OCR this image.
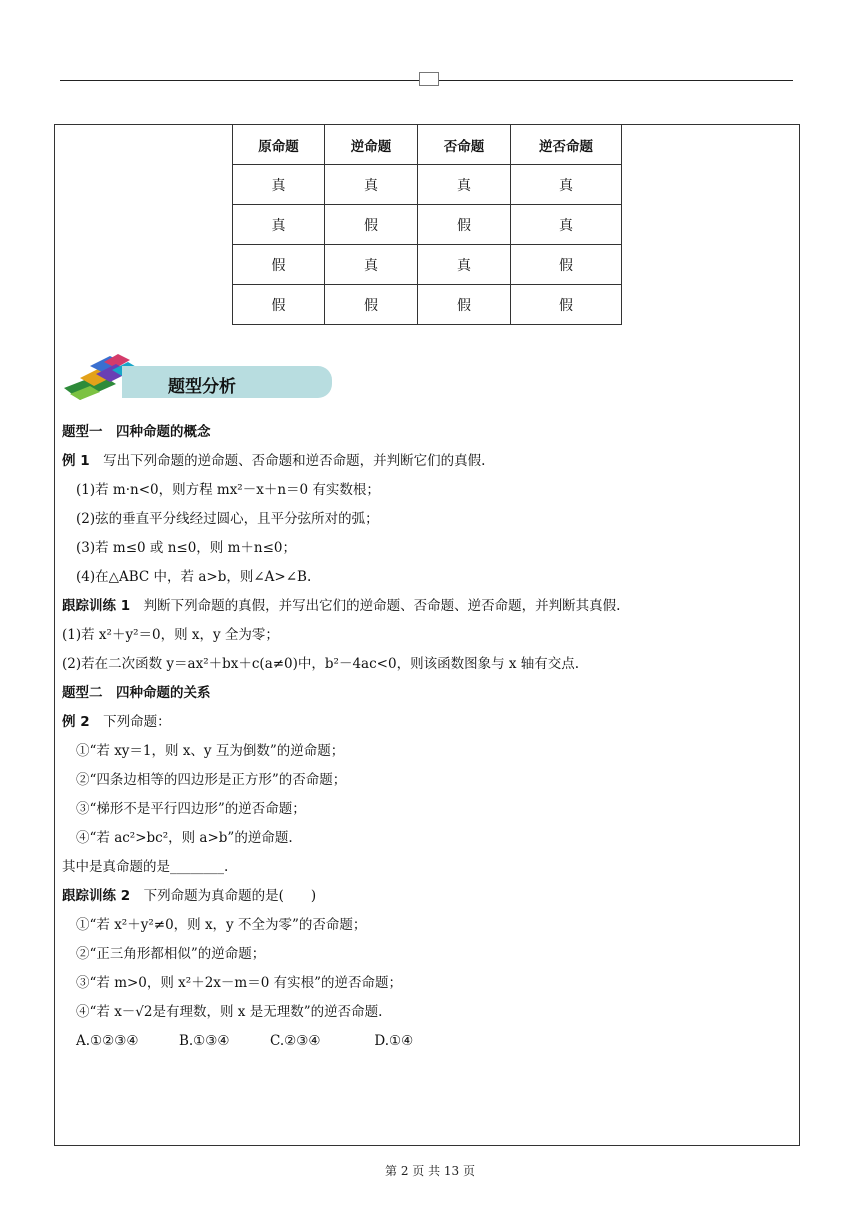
原命题	逆命题	否命题	逆否命题
真	真	真	真
真	假	假	真
假	真	真	假
假	假	假	假
题型分析
题型一　四种命题的概念
例 1　写出下列命题的逆命题、否命题和逆否命题，并判断它们的真假.
(1)若 m·n<0，则方程 mx²－x＋n＝0 有实数根；
(2)弦的垂直平分线经过圆心，且平分弦所对的弧；
(3)若 m≤0 或 n≤0，则 m＋n≤0；
(4)在△ABC 中，若 a>b，则∠A>∠B.
跟踪训练 1　判断下列命题的真假，并写出它们的逆命题、否命题、逆否命题，并判断其真假.
(1)若 x²＋y²＝0，则 x，y 全为零；
(2)若在二次函数 y＝ax²＋bx＋c(a≠0)中，b²－4ac<0，则该函数图象与 x 轴有交点.
题型二　四种命题的关系
例 2　下列命题：
①“若 xy＝1，则 x、y 互为倒数”的逆命题；
②“四条边相等的四边形是正方形”的否命题；
③“梯形不是平行四边形”的逆否命题；
④“若 ac²>bc²，则 a>b”的逆命题.
其中是真命题的是________.
跟踪训练 2　下列命题为真命题的是(　　)
①“若 x²＋y²≠0，则 x，y 不全为零”的否命题；
②“正三角形都相似”的逆命题；
③“若 m>0，则 x²＋2x－m＝0 有实根”的逆否命题；
④“若 x－√2是有理数，则 x 是无理数”的逆否命题.
A.①②③④　　　B.①③④　　　C.②③④　　　　D.①④
第 2 页 共 13 页
